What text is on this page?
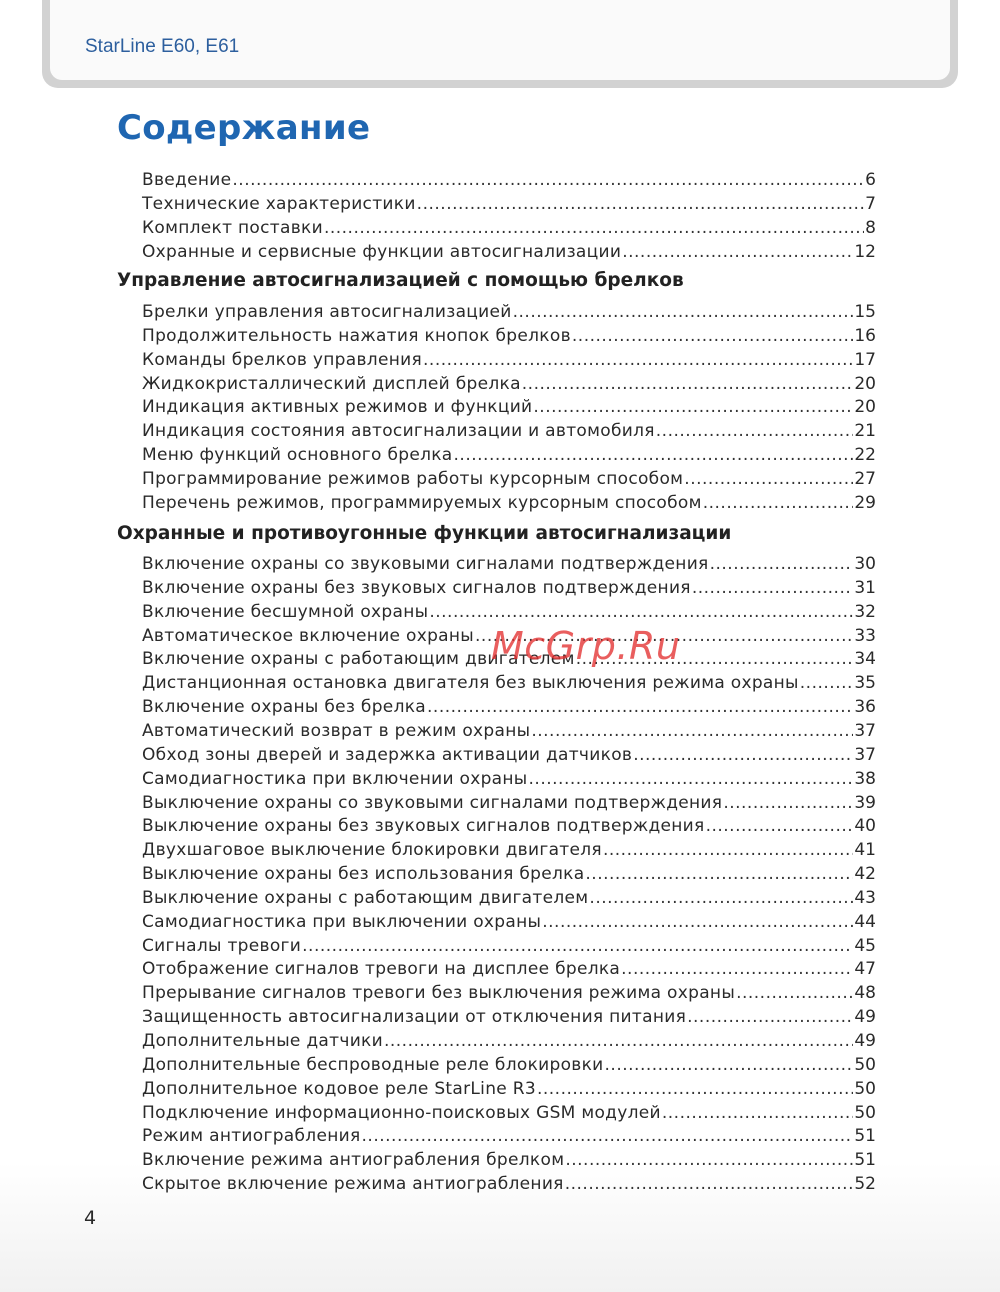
StarLine E60, E61
Содержание
Введение .....	6
Технические характеристики .....	7
Комплект поставки .....	8
Охранные и сервисные функции автосигнализации .....	12
Управление автосигнализацией с помощью брелков
Брелки управления автосигнализацией .....	15
Продолжительность нажатия кнопок брелков .....	16
Команды брелков управления .....	17
Жидкокристаллический дисплей брелка .....	20
Индикация активных режимов и функций .....	20
Индикация состояния автосигнализации и автомобиля .....	21
Меню функций основного брелка .....	22
Программирование режимов работы курсорным способом .....	27
Перечень режимов, программируемых курсорным способом .....	29
Охранные и противоугонные функции автосигнализации
Включение охраны со звуковыми сигналами подтверждения .....	30
Включение охраны без звуковых сигналов подтверждения .....	31
Включение бесшумной охраны .....	32
Автоматическое включение охраны .....	33
Включение охраны с работающим двигателем .....	34
Дистанционная остановка двигателя без выключения режима охраны .....	35
Включение охраны без брелка .....	36
Автоматический возврат в режим охраны .....	37
Обход зоны дверей и задержка активации датчиков .....	37
Самодиагностика при включении охраны .....	38
Выключение охраны со звуковыми сигналами подтверждения .....	39
Выключение охраны без звуковых сигналов подтверждения .....	40
Двухшаговое выключение блокировки двигателя .....	41
Выключение охраны без использования брелка .....	42
Выключение охраны с работающим двигателем .....	43
Самодиагностика при выключении охраны .....	44
Сигналы тревоги .....	45
Отображение сигналов тревоги на дисплее брелка .....	47
Прерывание сигналов тревоги без выключения режима охраны .....	48
Защищенность автосигнализации от отключения питания .....	49
Дополнительные датчики .....	49
Дополнительные беспроводные реле блокировки .....	50
Дополнительное кодовое реле StarLine R3 .....	50
Подключение информационно-поисковых GSM модулей .....	50
Режим антиограбления .....	51
Включение режима антиограбления брелком .....	51
Скрытое включение режима антиограбления .....	52
McGrp.Ru
4
